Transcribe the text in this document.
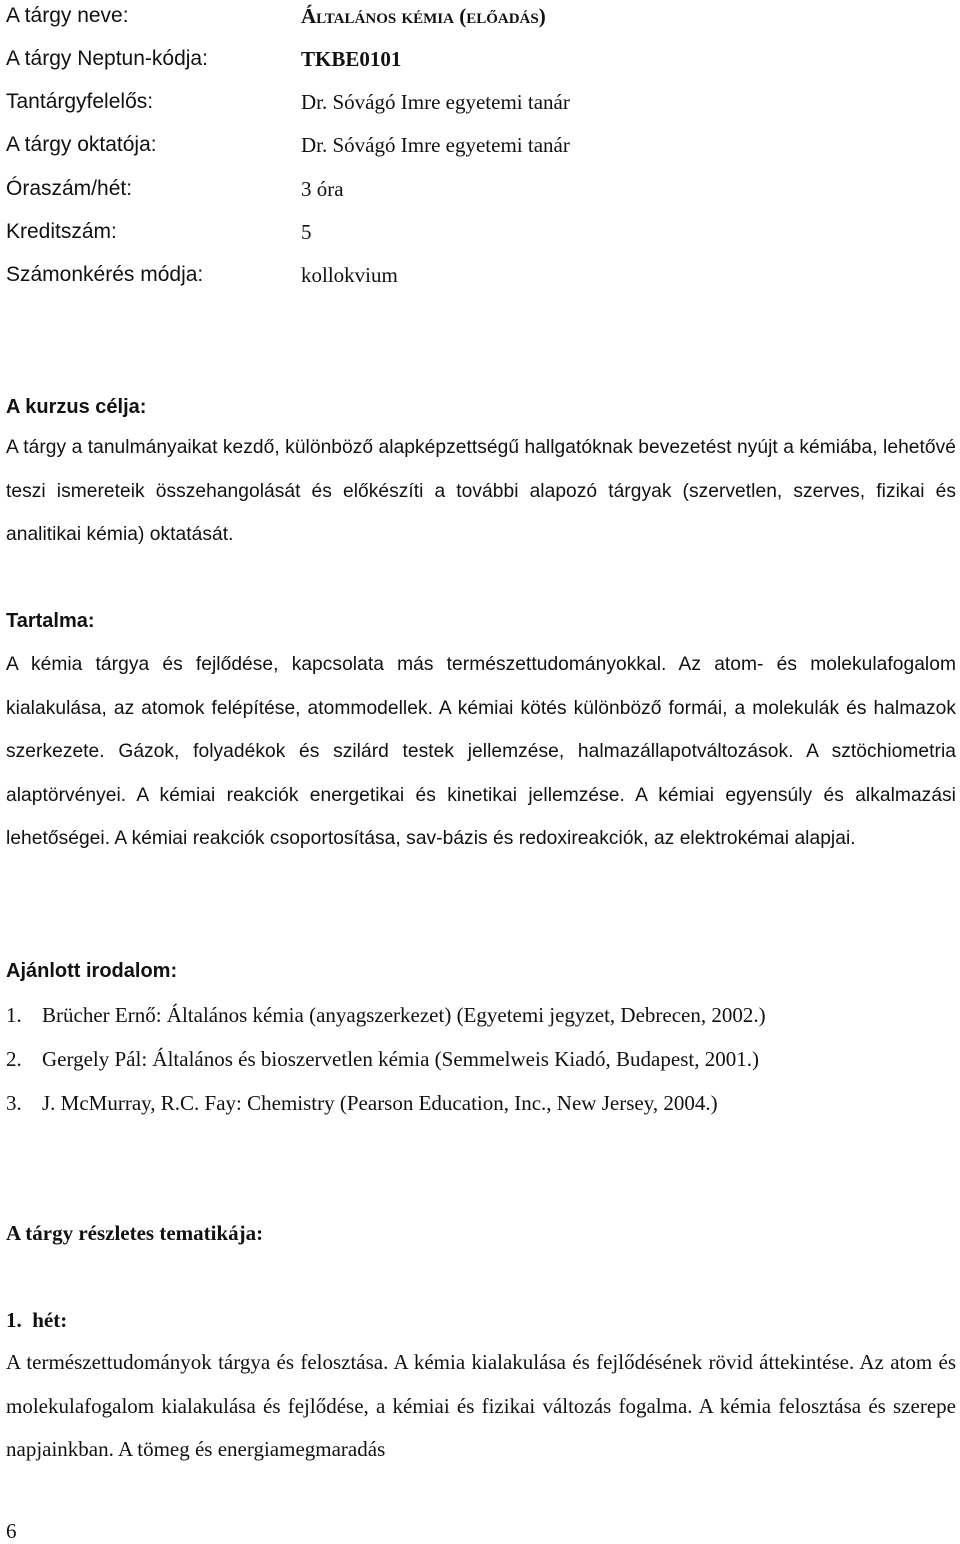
A tárgy neve:	Általános kémia (előadás)
A tárgy Neptun-kódja:	TKBE0101
Tantárgyfelelős:	Dr. Sóvágó Imre egyetemi tanár
A tárgy oktatója:	Dr. Sóvágó Imre egyetemi tanár
Óraszám/hét:	3 óra
Kreditszám:	5
Számonkérés módja:	kollokvium
A kurzus célja:
A tárgy a tanulmányaikat kezdő, különböző alapképzettségű hallgatóknak bevezetést nyújt a kémiába, lehetővé teszi ismereteik összehangolását és előkészíti a további alapozó tárgyak (szervetlen, szerves, fizikai és analitikai kémia) oktatását.
Tartalma:
A kémia tárgya és fejlődése, kapcsolata más természettudományokkal. Az atom- és molekulafogalom kialakulása, az atomok felépítése, atommodellek. A kémiai kötés különböző formái, a molekulák és halmazok szerkezete. Gázok, folyadékok és szilárd testek jellemzése, halmazállapotváltozások. A sztöchiometria alaptörvényei. A kémiai reakciók energetikai és kinetikai jellemzése. A kémiai egyensúly és alkalmazási lehetőségei. A kémiai reakciók csoportosítása, sav-bázis és redoxireakciók, az elektrokémai alapjai.
Ajánlott irodalom:
1. Brücher Ernő: Általános kémia (anyagszerkezet) (Egyetemi jegyzet, Debrecen, 2002.)
2. Gergely Pál: Általános és bioszervetlen kémia (Semmelweis Kiadó, Budapest, 2001.)
3. J. McMurray, R.C. Fay: Chemistry (Pearson Education, Inc., New Jersey, 2004.)
A tárgy részletes tematikája:
1.  hét:
A természettudományok tárgya és felosztása. A kémia kialakulása és fejlődésének rövid áttekintése. Az atom és molekulafogalom kialakulása és fejlődése, a kémiai és fizikai változás fogalma. A kémia felosztása és szerepe napjainkban. A tömeg és energiamegmaradás
6
